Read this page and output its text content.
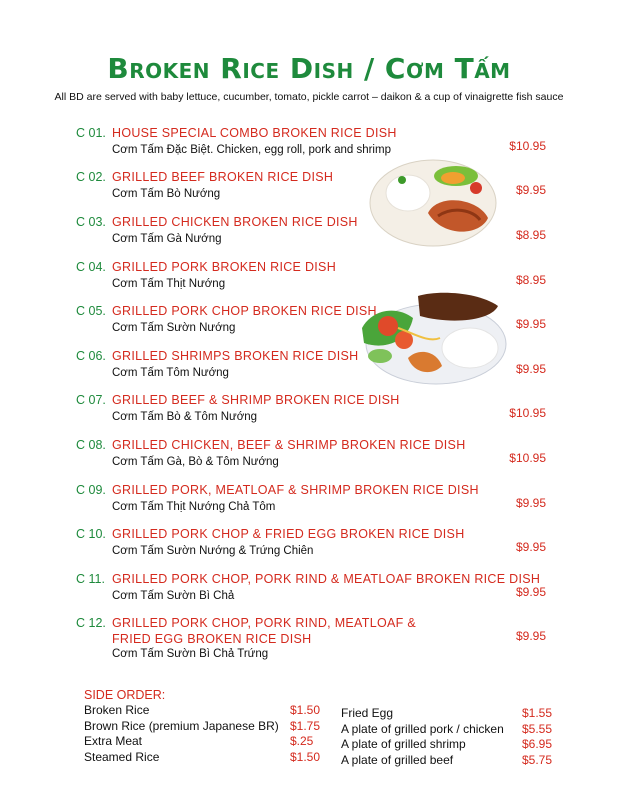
Broken Rice Dish / Cơm Tấm
All BD are served with baby lettuce, cucumber, tomato, pickle carrot – daikon & a cup of vinaigrette fish sauce
C 01. HOUSE SPECIAL COMBO BROKEN RICE DISH
Cơm Tấm Đặc Biệt. Chicken, egg roll, pork and shrimp	$10.95
C 02. GRILLED BEEF BROKEN RICE DISH
Cơm Tấm Bò Nướng	$9.95
C 03. GRILLED CHICKEN BROKEN RICE DISH
Cơm Tấm Gà Nướng	$8.95
C 04. GRILLED PORK BROKEN RICE DISH
Cơm Tấm Thịt Nướng	$8.95
C 05. GRILLED PORK CHOP BROKEN RICE DISH
Cơm Tấm Sườn Nướng	$9.95
C 06. GRILLED SHRIMPS BROKEN RICE DISH
Cơm Tấm Tôm Nướng	$9.95
C 07. GRILLED BEEF & SHRIMP BROKEN RICE DISH
Cơm Tấm Bò & Tôm Nướng	$10.95
C 08. GRILLED CHICKEN, BEEF & SHRIMP BROKEN RICE DISH
Cơm Tấm Gà, Bò & Tôm Nướng	$10.95
C 09. GRILLED PORK, MEATLOAF & SHRIMP BROKEN RICE DISH
Cơm Tấm Thịt Nướng Chả Tôm	$9.95
C 10. GRILLED PORK CHOP & FRIED EGG BROKEN RICE DISH
Cơm Tấm Sườn Nướng & Trứng Chiên	$9.95
C 11. GRILLED PORK CHOP, PORK RIND & MEATLOAF BROKEN RICE DISH
Cơm Tấm Sườn Bì Chả	$9.95
C 12. GRILLED PORK CHOP, PORK RIND, MEATLOAF &
FRIED EGG BROKEN RICE DISH
Cơm Tấm Sườn Bì Chả Trứng
$9.95
SIDE ORDER:
Broken Rice	$1.50
Brown Rice (premium Japanese BR) $1.75
Extra Meat	$.25
Steamed Rice	$1.50
Fried Egg	$1.55
A plate of grilled pork / chicken $5.55
A plate of grilled shrimp	$6.95
A plate of grilled beef	$5.75
